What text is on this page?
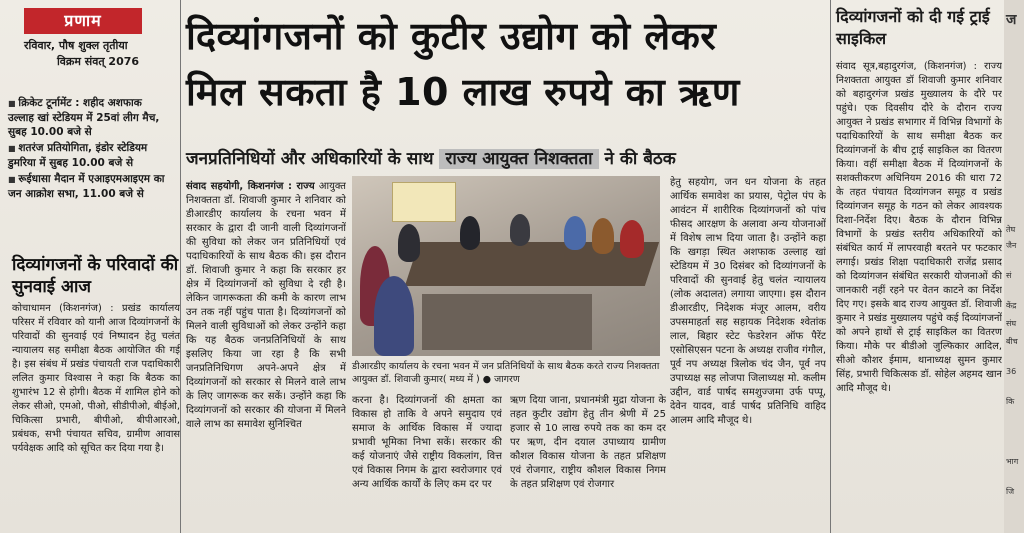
प्रणाम
रविवार, पौष शुक्ल तृतीया
विक्रम संवत् 2076
■ क्रिकेट टूर्नामेंट : शहीद अशफाक उल्लाह खां स्टेडियम में 25वां लीग मैच, सुबह 10.00 बजे से
■ शतरंज प्रतियोगिता, इंडोर स्टेडियम डुमरिया में सुबह 10.00 बजे से
■ रूईधासा मैदान में एआइएमआइएम का जन आक्रोश सभा, 11.00 बजे से
दिव्यांगजनों के परिवादों की सुनवाई आज
कोचाधामन (किशनगंज) : प्रखंड कार्यालय परिसर में रविवार को यानी आज दिव्यांगजनों के परिवादों की सुनवाई एवं निष्पादन हेतु चलंत न्यायालय सह समीक्षा बैठक आयोजित की गई है। इस संबंध में प्रखंड पंचायती राज पदाधिकारी ललित कुमार विश्वास ने कहा कि बैठक का शुभारंभ 12 से होगी। बैठक में शामिल होने को लेकर सीओ, एमओ, पीओ, सीडीपीओ, बीईओ, चिकित्सा प्रभारी, बीपीओ, बीपीआरओ, प्रबंधक, सभी पंचायत सचिव, ग्रामीण आवास पर्यवेक्षक आदि को सूचित कर दिया गया है।
दिव्यांगजनों को कुटीर उद्योग को लेकर
मिल सकता है 10 लाख रुपये का ऋण
जनप्रतिनिधियों और अधिकारियों के साथ राज्य आयुक्त निशक्तता ने की बैठक
संवाद सहयोगी, किशनगंज : राज्य आयुक्त निशक्तता डॉ. शिवाजी कुमार ने शनिवार को डीआरडीए कार्यालय के रचना भवन में सरकार के द्वारा दी जानी वाली दिव्यांगजनों की सुविधा को लेकर जन प्रतिनिधियों एवं पदाधिकारियों के साथ बैठक की। इस दौरान डॉ. शिवाजी कुमार ने कहा कि सरकार हर क्षेत्र में दिव्यांगजनों को सुविधा दे रही है। लेकिन जागरूकता की कमी के कारण लाभ उन तक नहीं पहुंच पाता है। दिव्यांगजनों को मिलने वाली सुविधाओं को लेकर उन्होंने कहा कि यह बैठक जनप्रतिनिधियों के साथ इसलिए किया जा रहा है कि सभी जनप्रतिनिधिगण अपने-अपने क्षेत्र में दिव्यांगजनों को सरकार से मिलने वाले लाभ के लिए जागरूक कर सकें। उन्होंने कहा कि दिव्यांगजनों को सरकार की योजना में मिलने वाले लाभ का समावेश सुनिश्चित
डीआरडीए कार्यालय के रचना भवन में जन प्रतिनिधियों के साथ बैठक करते राज्य निशक्तता आयुक्त डॉ. शिवाजी कुमार( मध्य में ) ● जागरण
करना है। दिव्यांगजनों की क्षमता का विकास हो ताकि वे अपने समुदाय एवं समाज के आर्थिक विकास में ज्यादा प्रभावी भूमिका निभा सकें। सरकार की कई योजनाएं जैसे राष्ट्रीय विकलांग, वित्त एवं विकास निगम के द्वारा स्वरोजगार एवं अन्य आर्थिक कार्यों के लिए कम दर पर
ऋण दिया जाना, प्रधानमंत्री मुद्रा योजना के तहत कुटीर उद्योग हेतु तीन श्रेणी में 25 हजार से 10 लाख रुपये तक का कम दर पर ऋण, दीन दयाल उपाध्याय ग्रामीण कौशल विकास योजना के तहत प्रशिक्षण एवं रोजगार, राष्ट्रीय कौशल विकास निगम के तहत प्रशिक्षण एवं रोजगार
हेतु सहयोग, जन धन योजना के तहत आर्थिक समावेश का प्रयास, पेट्रोल पंप के आवंटन में शारीरिक दिव्यांगजनों को पांच फीसद आरक्षण के अलावा अन्य योजनाओं में विशेष लाभ दिया जाता है। उन्होंने कहा कि खगड़ा स्थित अशफाक उल्लाह खां स्टेडियम में 30 दिसंबर को दिव्यांगजनों के परिवादों की सुनवाई हेतु चलंत न्यायालय (लोक अदालत) लगाया जाएगा। इस दौरान डीआरडीए, निदेशक मंजूर आलम, वरीय उपसमाहर्ता सह सहायक निदेशक श्वेतांक लाल, बिहार स्टेट फेडरेशन ऑफ पैरेंट एसोसिएसन पटना के अध्यक्ष राजीव गंगौल, पूर्व नप अध्यक्ष त्रिलोक चंद जैन, पूर्व नप उपाध्यक्ष सह लोजपा जिलाध्यक्ष मो. कलीम उद्दीन, वार्ड पार्षद समशुज्जमा उर्फ पप्पू, देवेन यादव, वार्ड पार्षद प्रतिनिधि वाहिद आलम आदि मौजूद थे।
दिव्यांगजनों को दी गई ट्राई साइकिल
संवाद सूत्र,बहादुरगंज, (किशनगंज) : राज्य निशक्तता आयुक्त डॉ शिवाजी कुमार शनिवार को बहादुरगंज प्रखंड मुख्यालय के दौरे पर पहुंचे। एक दिवसीय दौरे के दौरान राज्य आयुक्त ने प्रखंड सभागार में विभिन्न विभागों के पदाधिकारियों के साथ समीक्षा बैठक कर दिव्यांगजनों के बीच ट्राई साइकिल का वितरण किया। वहीं समीक्षा बैठक में दिव्यांगजनों के सशक्तीकरण अधिनियम 2016 की धारा 72 के तहत पंचायत दिव्यांगजन समूह व प्रखंड दिव्यांगजन समूह के गठन को लेकर आवश्यक दिशा-निर्देश दिए। बैठक के दौरान विभिन्न विभागों के प्रखंड स्तरीय अधिकारियों को संबंधित कार्य में लापरवाही बरतने पर फटकार लगाई। प्रखंड शिक्षा पदाधिकारी राजेंद्र प्रसाद को दिव्यांगजन संबंधित सरकारी योजनाओं की जानकारी नहीं रहने पर वेतन काटने का निर्देश दिए गए। इसके बाद राज्य आयुक्त डॉ. शिवाजी कुमार ने प्रखंड मुख्यालय पहुंचे कई दिव्यांगजनों को अपने हाथों से ट्राई साइकिल का वितरण किया। मौके पर बीडीओ जुल्फिकार आदिल, सीओ कौशर ईमाम, थानाध्यक्ष सुमन कुमार सिंह, प्रभारी चिकित्सक डॉ. सोहेल अहमद खान आदि मौजूद थे।
ज
तेघ
जैन
सं
केंद्र
संघ
बीच
36
कि
भाग
जि
